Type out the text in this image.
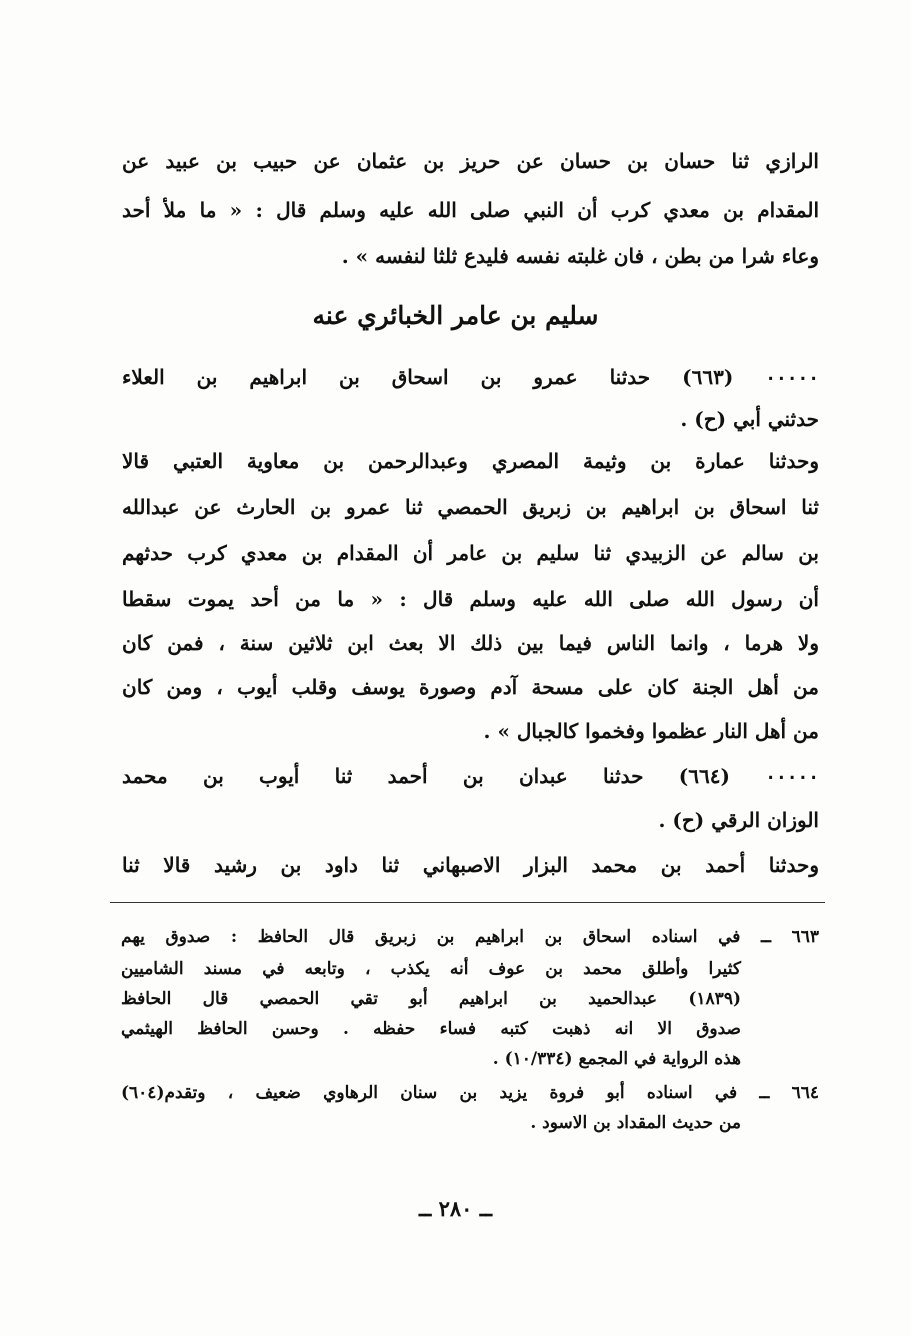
الرازي ثنا حسان بن حسان عن حريز بن عثمان عن حبيب بن عبيد عن
المقدام بن معدي كرب أن النبي صلى الله عليه وسلم قال : « ما ملأ أحد
وعاء شرا من بطن ، فان غلبته نفسه فليدع ثلثا لنفسه » .
سليم بن عامر الخبائري عنه
٠٠٠٠٠ (٦٦٣) حدثنا عمرو بن اسحاق بن ابراهيم بن العلاء
حدثني أبي (ح) .
وحدثنا عمارة بن وثيمة المصري وعبدالرحمن بن معاوية العتبي قالا
ثنا اسحاق بن ابراهيم بن زبريق الحمصي ثنا عمرو بن الحارث عن عبدالله
بن سالم عن الزبيدي ثنا سليم بن عامر أن المقدام بن معدي كرب حدثهم
أن رسول الله صلى الله عليه وسلم قال : « ما من أحد يموت سقطا
ولا هرما ، وانما الناس فيما بين ذلك الا بعث ابن ثلاثين سنة ، فمن كان
من أهل الجنة كان على مسحة آدم وصورة يوسف وقلب أيوب ، ومن كان
من أهل النار عظموا وفخموا كالجبال » .
٠٠٠٠٠ (٦٦٤) حدثنا عبدان بن أحمد ثنا أيوب بن محمد
الوزان الرقي (ح) .
وحدثنا أحمد بن محمد البزار الاصبهاني ثنا داود بن رشيد قالا ثنا
٦٦٣ ــ في اسناده اسحاق بن ابراهيم بن زبريق قال الحافظ : صدوق يهم
كثيرا وأطلق محمد بن عوف أنه يكذب ، وتابعه في مسند الشاميين
(١٨٣٩) عبدالحميد بن ابراهيم أبو تقي الحمصي قال الحافظ
صدوق الا انه ذهبت كتبه فساء حفظه . وحسن الحافظ الهيثمي
هذه الرواية في المجمع (١٠/٣٣٤) .
٦٦٤ ــ في اسناده أبو فروة يزيد بن سنان الرهاوي ضعيف ، وتقدم(٦٠٤)
من حديث المقداد بن الاسود .
ــ ٢٨٠ ــ
